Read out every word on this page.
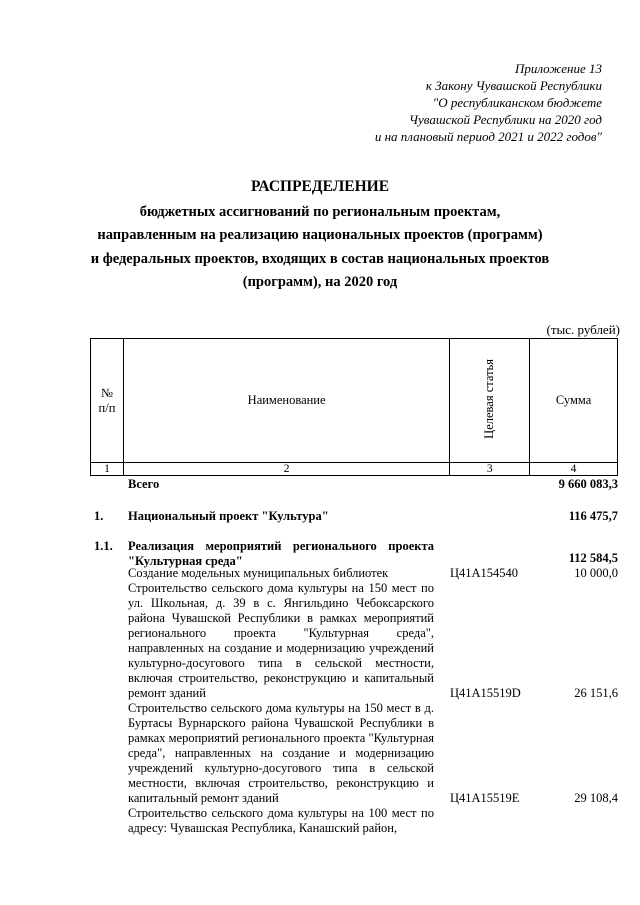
Приложение 13
к Закону Чувашской Республики
"О республиканском бюджете
Чувашской Республики на 2020 год
и на плановый период 2021 и 2022 годов"
РАСПРЕДЕЛЕНИЕ
бюджетных ассигнований по региональным проектам,
направленным на реализацию национальных проектов (программ)
и федеральных проектов, входящих в состав национальных проектов
(программ), на 2020 год
(тыс. рублей)
№ п/п	Наименование	Целевая статья	Сумма
1	2	3	4
Всего	9 660 083,3
1.	Национальный проект "Культура"	116 475,7
1.1.	Реализация мероприятий регионального проекта "Культурная среда"	112 584,5
Создание модельных муниципальных библиотек	Ц41А154540	10 000,0
Строительство сельского дома культуры на 150 мест по ул. Школьная, д. 39 в с. Янгильдино Чебоксарского района Чувашской Республики в рамках мероприятий регионального проекта "Культурная среда", направленных на создание и модернизацию учреждений культурно-досугового типа в сельской местности, включая строительство, реконструкцию и капитальный ремонт зданий	Ц41А15519D	26 151,6
Строительство сельского дома культуры на 150 мест в д. Буртасы Вурнарского района Чувашской Республики в рамках мероприятий регионального проекта "Культурная среда", направленных на создание и модернизацию учреждений культурно-досугового типа в сельской местности, включая строительство, реконструкцию и капитальный ремонт зданий	Ц41А15519Е	29 108,4
Строительство сельского дома культуры на 100 мест по адресу: Чувашская Республика, Канашский район,
